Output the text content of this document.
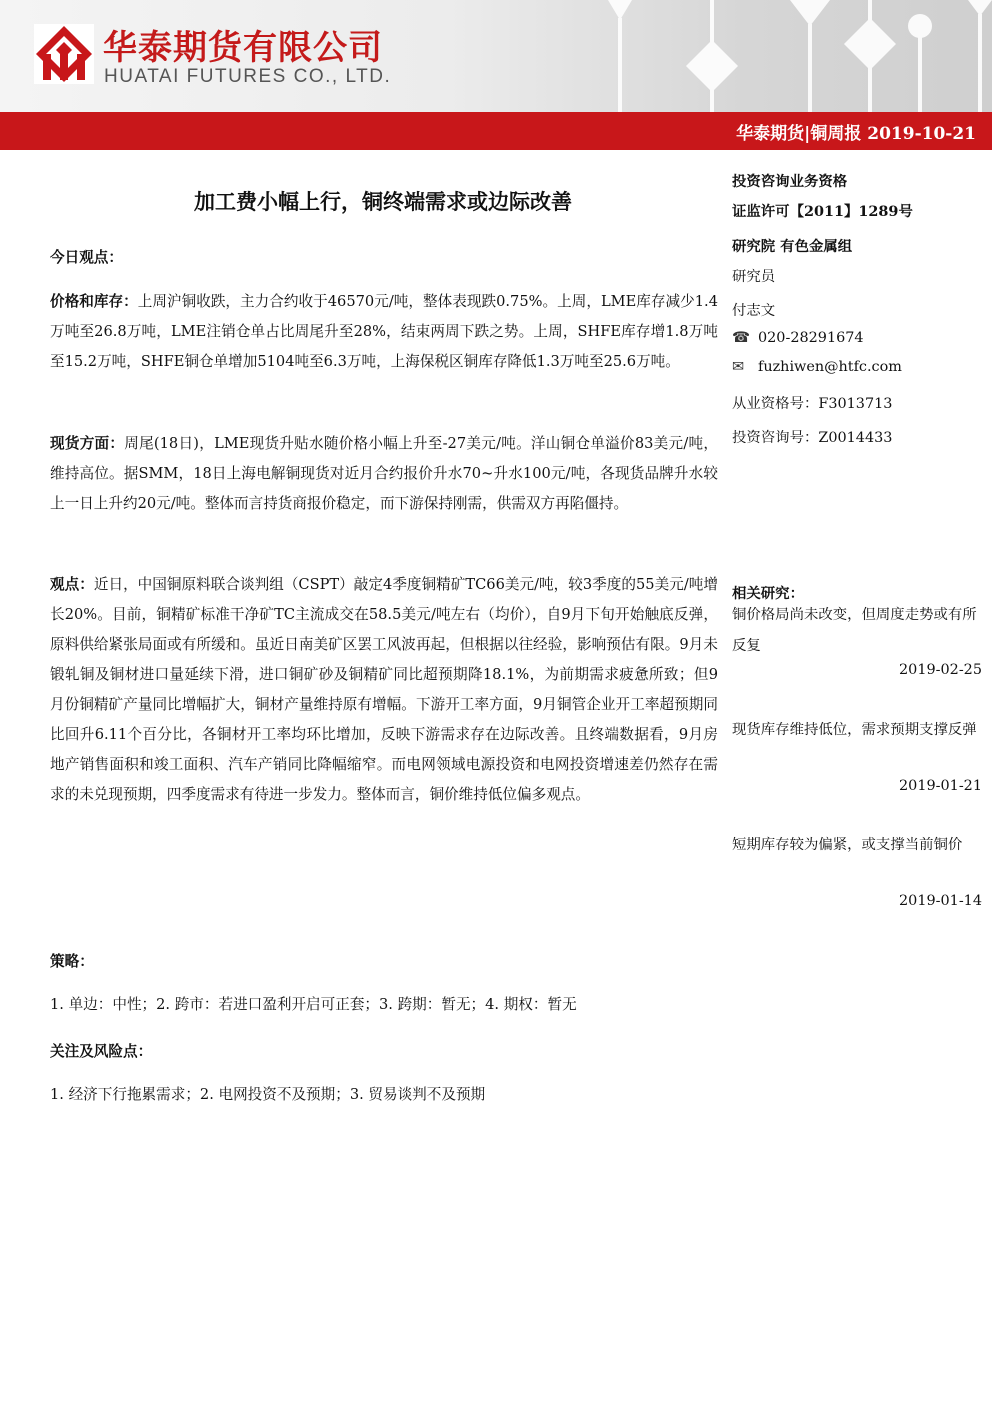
华泰期货有限公司
HUATAI FUTURES CO., LTD.
华泰期货|铜周报 2019-10-21
加工费小幅上行，铜终端需求或边际改善
今日观点：
价格和库存：上周沪铜收跌，主力合约收于46570元/吨，整体表现跌0.75%。上周，LME库存减少1.4万吨至26.8万吨，LME注销仓单占比周尾升至28%，结束两周下跌之势。上周，SHFE库存增1.8万吨至15.2万吨，SHFE铜仓单增加5104吨至6.3万吨，上海保税区铜库存降低1.3万吨至25.6万吨。
现货方面：周尾(18日)，LME现货升贴水随价格小幅上升至-27美元/吨。洋山铜仓单溢价83美元/吨，维持高位。据SMM，18日上海电解铜现货对近月合约报价升水70~升水100元/吨，各现货品牌升水较上一日上升约20元/吨。整体而言持货商报价稳定，而下游保持刚需，供需双方再陷僵持。
观点：近日，中国铜原料联合谈判组（CSPT）敲定4季度铜精矿TC66美元/吨，较3季度的55美元/吨增长20%。目前，铜精矿标准干净矿TC主流成交在58.5美元/吨左右（均价），自9月下旬开始触底反弹，原料供给紧张局面或有所缓和。虽近日南美矿区罢工风波再起，但根据以往经验，影响预估有限。9月未锻轧铜及铜材进口量延续下滑，进口铜矿砂及铜精矿同比超预期降18.1%，为前期需求疲惫所致；但9月份铜精矿产量同比增幅扩大，铜材产量维持原有增幅。下游开工率方面，9月铜管企业开工率超预期同比回升6.11个百分比，各铜材开工率均环比增加，反映下游需求存在边际改善。且终端数据看，9月房地产销售面积和竣工面积、汽车产销同比降幅缩窄。而电网领域电源投资和电网投资增速差仍然存在需求的未兑现预期，四季度需求有待进一步发力。整体而言，铜价维持低位偏多观点。
策略：
1. 单边：中性；2. 跨市：若进口盈利开启可正套；3. 跨期：暂无；4. 期权：暂无
关注及风险点：
1. 经济下行拖累需求；2. 电网投资不及预期；3. 贸易谈判不及预期
投资咨询业务资格
证监许可【2011】1289号
研究院 有色金属组
研究员
付志文
☎ 020-28291674
✉ fuzhiwen@htfc.com
从业资格号：F3013713
投资咨询号：Z0014433
相关研究：
铜价格局尚未改变，但周度走势或有所反复
2019-02-25
现货库存维持低位，需求预期支撑反弹
2019-01-21
短期库存较为偏紧，或支撑当前铜价
2019-01-14
